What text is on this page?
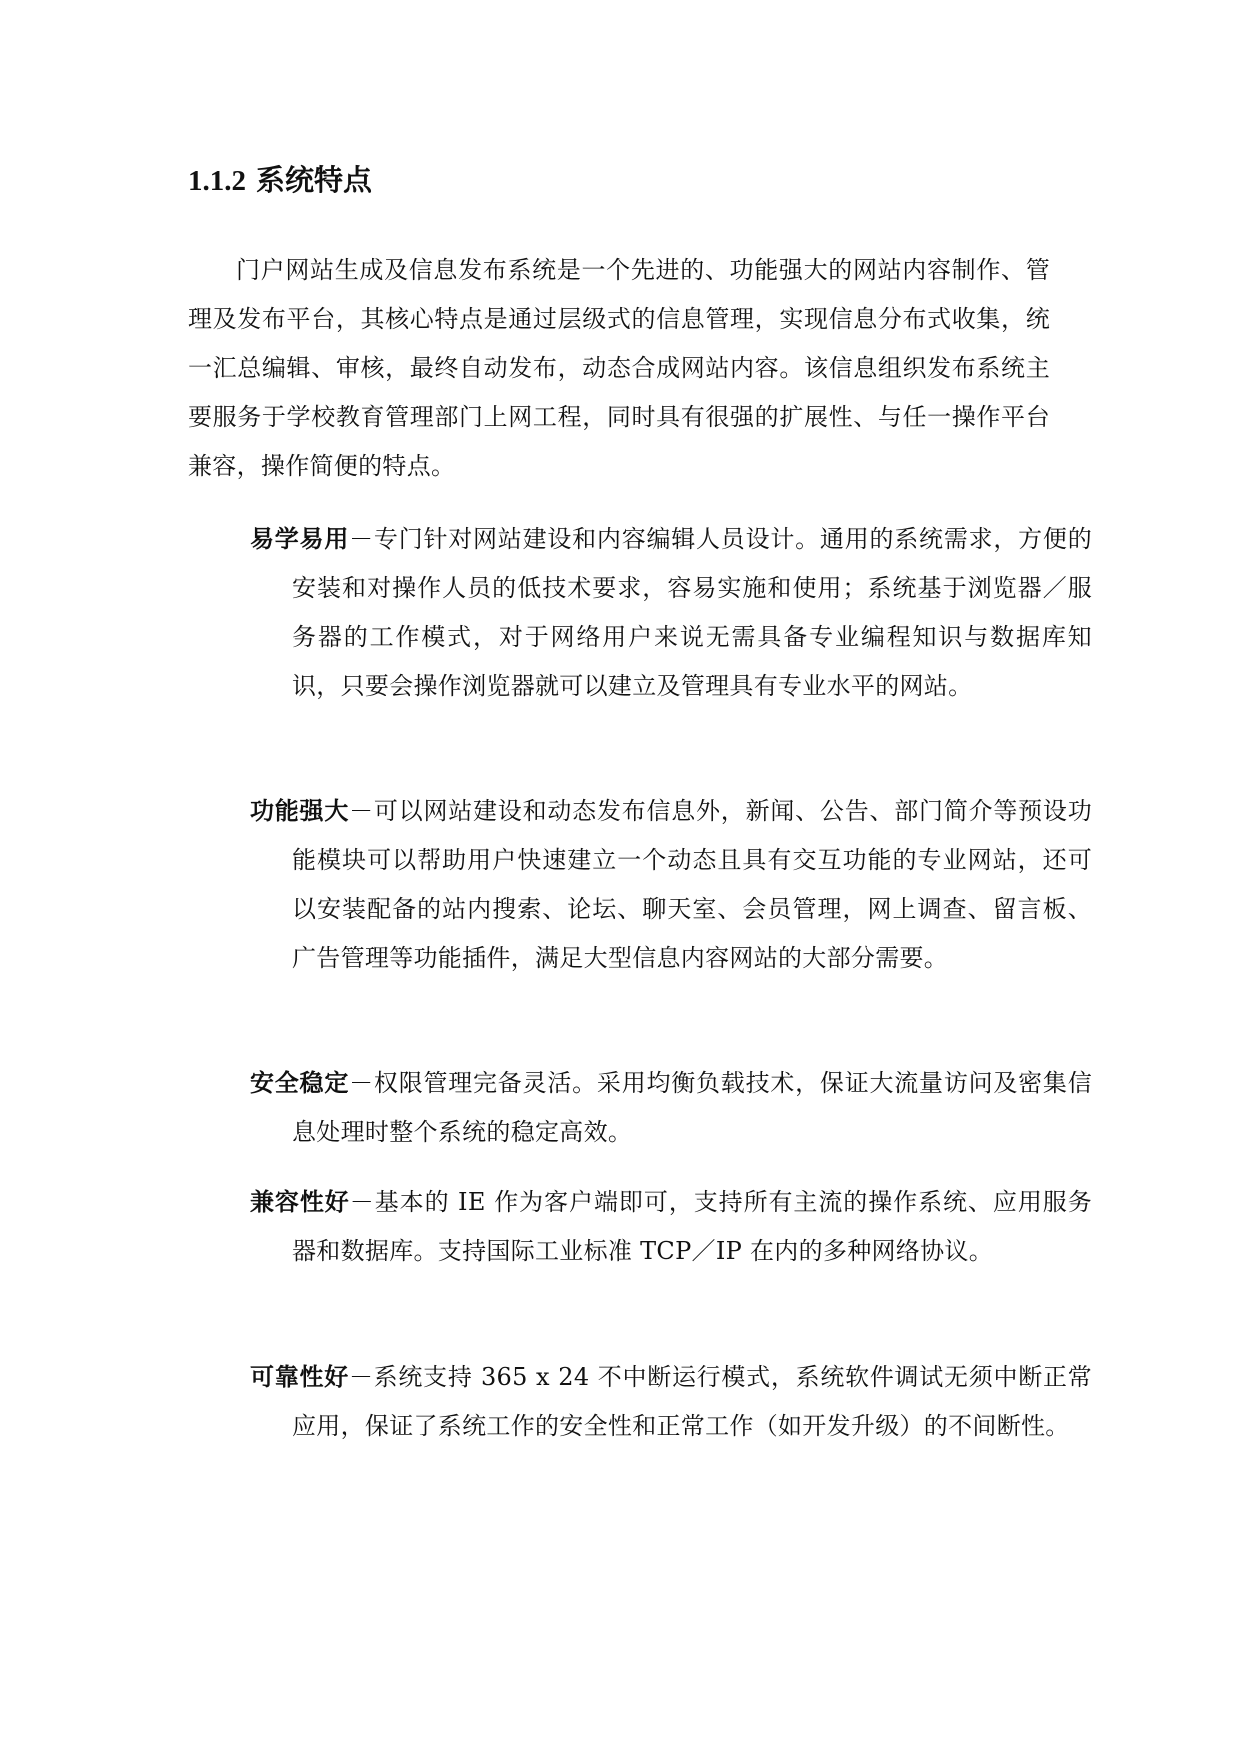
1.1.2 系统特点

门户网站生成及信息发布系统是一个先进的、功能强大的网站内容制作、管理及发布平台，其核心特点是通过层级式的信息管理，实现信息分布式收集，统一汇总编辑、审核，最终自动发布，动态合成网站内容。该信息组织发布系统主要服务于学校教育管理部门上网工程，同时具有很强的扩展性、与任一操作平台兼容，操作简便的特点。

易学易用－专门针对网站建设和内容编辑人员设计。通用的系统需求，方便的安装和对操作人员的低技术要求，容易实施和使用；系统基于浏览器／服务器的工作模式，对于网络用户来说无需具备专业编程知识与数据库知识，只要会操作浏览器就可以建立及管理具有专业水平的网站。

功能强大－可以网站建设和动态发布信息外，新闻、公告、部门简介等预设功能模块可以帮助用户快速建立一个动态且具有交互功能的专业网站，还可以安装配备的站内搜索、论坛、聊天室、会员管理，网上调查、留言板、广告管理等功能插件，满足大型信息内容网站的大部分需要。

安全稳定－权限管理完备灵活。采用均衡负载技术，保证大流量访问及密集信息处理时整个系统的稳定高效。

兼容性好－基本的 IE 作为客户端即可，支持所有主流的操作系统、应用服务器和数据库。支持国际工业标准 TCP／IP 在内的多种网络协议。

可靠性好－系统支持 365 x 24 不中断运行模式，系统软件调试无须中断正常应用，保证了系统工作的安全性和正常工作（如开发升级）的不间断性。
